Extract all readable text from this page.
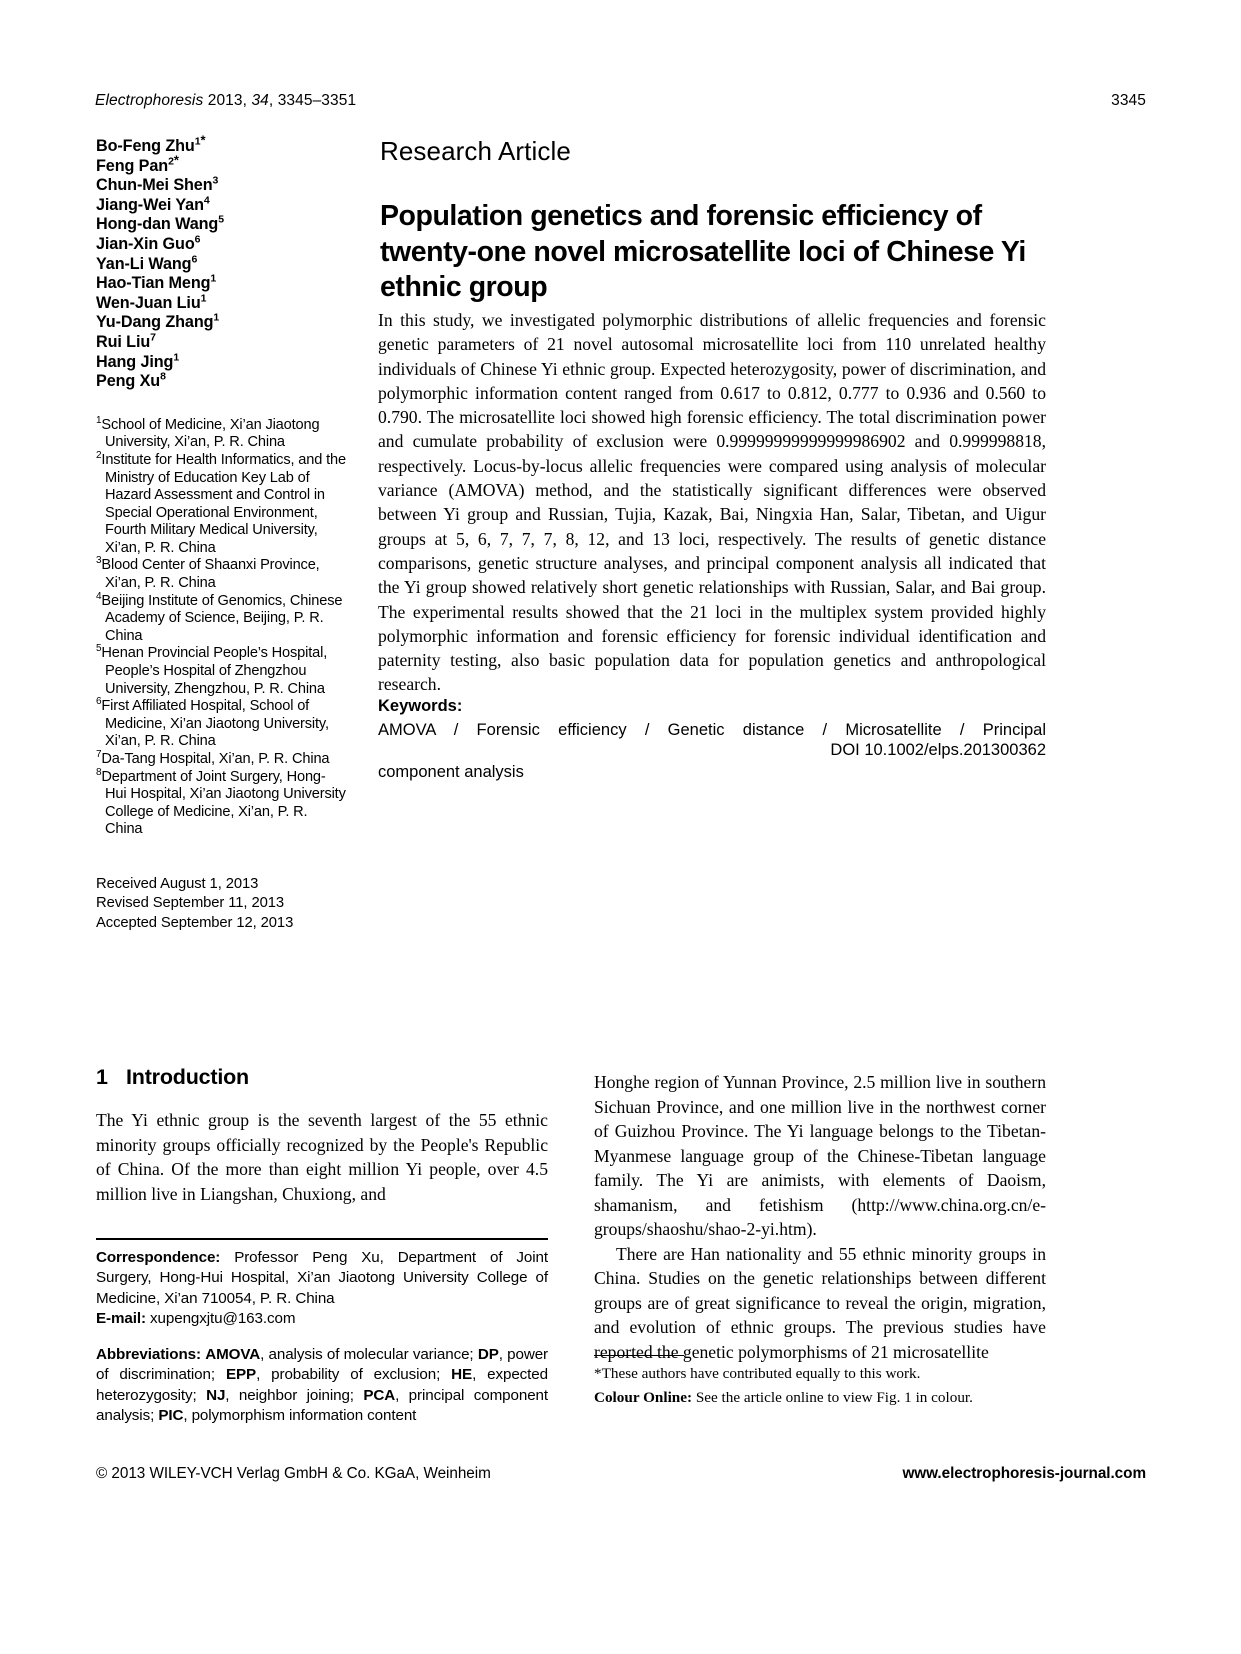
Electrophoresis 2013, 34, 3345–3351	3345
Bo-Feng Zhu$^{1*}$
Feng Pan$^{2*}$
Chun-Mei Shen$^3$
Jiang-Wei Yan$^4$
Hong-dan Wang$^5$
Jian-Xin Guo$^6$
Yan-Li Wang$^6$
Hao-Tian Meng$^1$
Wen-Juan Liu$^1$
Yu-Dang Zhang$^1$
Rui Liu$^7$
Hang Jing$^1$
Peng Xu$^8$
$^1$School of Medicine, Xi’an Jiaotong University, Xi’an, P. R. China
$^2$Institute for Health Informatics, and the Ministry of Education Key Lab of Hazard Assessment and Control in Special Operational Environment, Fourth Military Medical University, Xi’an, P. R. China
$^3$Blood Center of Shaanxi Province, Xi’an, P. R. China
$^4$Beijing Institute of Genomics, Chinese Academy of Science, Beijing, P. R. China
$^5$Henan Provincial People’s Hospital, People’s Hospital of Zhengzhou University, Zhengzhou, P. R. China
$^6$First Affiliated Hospital, School of Medicine, Xi’an Jiaotong University, Xi’an, P. R. China
$^7$Da-Tang Hospital, Xi’an, P. R. China
$^8$Department of Joint Surgery, Hong-Hui Hospital, Xi’an Jiaotong University College of Medicine, Xi’an, P. R. China
Received August 1, 2013
Revised September 11, 2013
Accepted September 12, 2013
Research Article
Population genetics and forensic efficiency of twenty-one novel microsatellite loci of Chinese Yi ethnic group
In this study, we investigated polymorphic distributions of allelic frequencies and forensic genetic parameters of 21 novel autosomal microsatellite loci from 110 unrelated healthy individuals of Chinese Yi ethnic group. Expected heterozygosity, power of discrimination, and polymorphic information content ranged from 0.617 to 0.812, 0.777 to 0.936 and 0.560 to 0.790. The microsatellite loci showed high forensic efficiency. The total discrimination power and cumulate probability of exclusion were 0.99999999999999986902 and 0.999998818, respectively. Locus-by-locus allelic frequencies were compared using analysis of molecular variance (AMOVA) method, and the statistically significant differences were observed between Yi group and Russian, Tujia, Kazak, Bai, Ningxia Han, Salar, Tibetan, and Uigur groups at 5, 6, 7, 7, 7, 8, 12, and 13 loci, respectively. The results of genetic distance comparisons, genetic structure analyses, and principal component analysis all indicated that the Yi group showed relatively short genetic relationships with Russian, Salar, and Bai group. The experimental results showed that the 21 loci in the multiplex system provided highly polymorphic information and forensic efficiency for forensic individual identification and paternity testing, also basic population data for population genetics and anthropological research.
Keywords:
AMOVA / Forensic efficiency / Genetic distance / Microsatellite / Principal
component analysis
DOI 10.1002/elps.201300362
1 Introduction
The Yi ethnic group is the seventh largest of the 55 ethnic minority groups officially recognized by the People's Republic of China. Of the more than eight million Yi people, over 4.5 million live in Liangshan, Chuxiong, and

Honghe region of Yunnan Province, 2.5 million live in southern Sichuan Province, and one million live in the northwest corner of Guizhou Province. The Yi language belongs to the Tibetan-Myanmese language group of the Chinese-Tibetan language family. The Yi are animists, with elements of Daoism, shamanism, and fetishism (http://www.china.org.cn/e-groups/shaoshu/shao-2-yi.htm).

There are Han nationality and 55 ethnic minority groups in China. Studies on the genetic relationships between different groups are of great significance to reveal the origin, migration, and evolution of ethnic groups. The previous studies have reported the genetic polymorphisms of 21 microsatellite

Correspondence: Professor Peng Xu, Department of Joint Surgery, Hong-Hui Hospital, Xi’an Jiaotong University College of Medicine, Xi’an 710054, P. R. China
E-mail: xupengxjtu@163.com
Abbreviations: AMOVA, analysis of molecular variance; DP, power of discrimination; EPP, probability of exclusion; HE, expected heterozygosity; NJ, neighbor joining; PCA, principal component analysis; PIC, polymorphism information content
*These authors have contributed equally to this work.
Colour Online: See the article online to view Fig. 1 in colour.
© 2013 WILEY-VCH Verlag GmbH & Co. KGaA, Weinheim	www.electrophoresis-journal.com
